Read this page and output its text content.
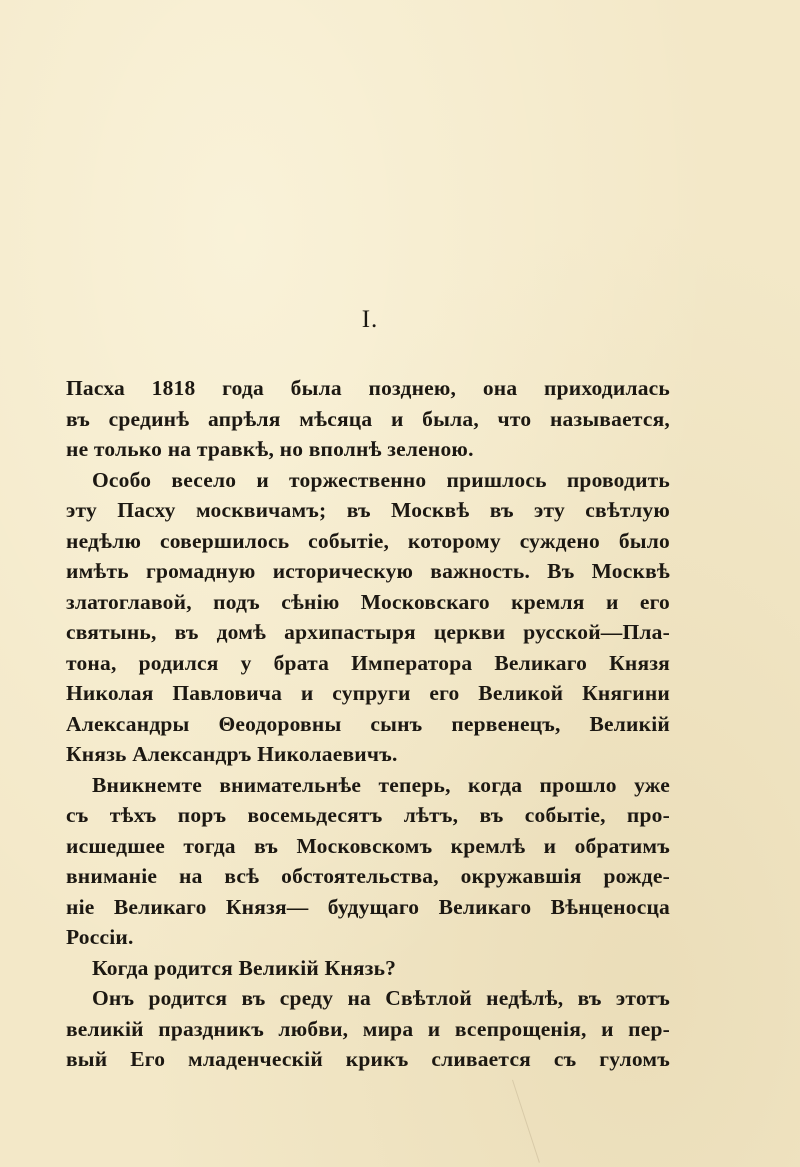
I.
Пасха 1818 года была позднею, она приходилась
въ срединѣ апрѣля мѣсяца и была, что называется,
не только на травкѣ, но вполнѣ зеленою.
Особо весело и торжественно пришлось проводить
эту Пасху москвичамъ; въ Москвѣ въ эту свѣтлую
недѣлю совершилось событіе, которому суждено было
имѣть громадную историческую важность. Въ Москвѣ
златоглавой, подъ сѣнію Московскаго кремля и его
святынь, въ домѣ архипастыря церкви русской—Пла-
тона, родился у брата Императора Великаго Князя
Николая Павловича и супруги его Великой Княгини
Александры Θеодоровны сынъ первенецъ, Великій
Князь Александръ Николаевичъ.
Вникнемте внимательнѣе теперь, когда прошло уже
съ тѣхъ поръ восемьдесятъ лѣтъ, въ событіе, про-
исшедшее тогда въ Московскомъ кремлѣ и обратимъ
вниманіе на всѣ обстоятельства, окружавшія рожде-
ніе Великаго Князя— будущаго Великаго Вѣнценосца
Россіи.
Когда родится Великій Князь?
Онъ родится въ среду на Свѣтлой недѣлѣ, въ этотъ
великій праздникъ любви, мира и всепрощенія, и пер-
вый Его младенческій крикъ сливается съ гуломъ
